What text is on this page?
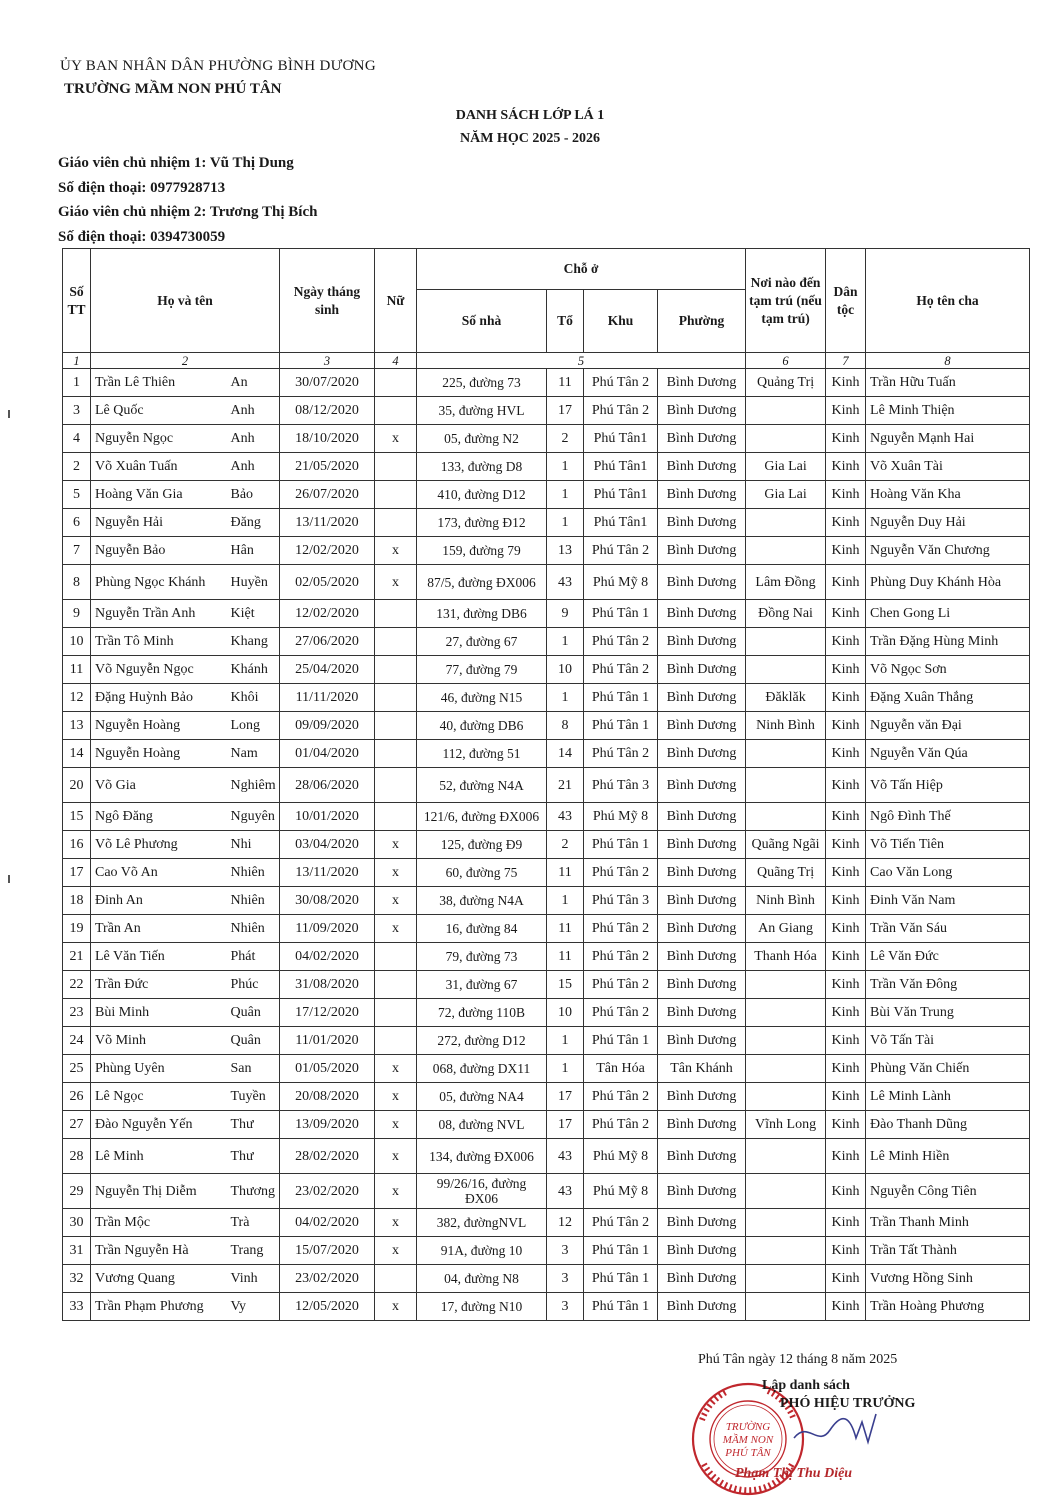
ỦY BAN NHÂN DÂN PHƯỜNG BÌNH DƯƠNG
TRƯỜNG MẦM NON PHÚ TÂN
DANH SÁCH LỚP LÁ 1
NĂM HỌC 2025 - 2026
Giáo viên chủ nhiệm 1: Vũ Thị Dung
Số điện thoại: 0977928713
Giáo viên chủ nhiệm 2: Trương Thị Bích
Số điện thoại: 0394730059
Số TT	Họ và tên		Ngày tháng sinh	Nữ	Chỗ ở				Nơi nào đến tạm trú (nếu tạm trú)	Dân tộc	Họ tên cha
					Số nhà	Tổ	Khu	Phường			
1	2		3	4	5				6	7	8
1	Trần Lê Thiên	An	30/07/2020		225, đường 73	11	Phú Tân 2	Bình Dương	Quảng Trị	Kinh	Trần Hữu Tuấn
3	Lê Quốc	Anh	08/12/2020		35, đường HVL	17	Phú Tân 2	Bình Dương		Kinh	Lê Minh Thiện
4	Nguyễn Ngọc	Anh	18/10/2020	x	05, đường N2	2	Phú Tân1	Bình Dương		Kinh	Nguyễn Mạnh Hai
2	Võ Xuân Tuấn	Anh	21/05/2020		133, đường D8	1	Phú Tân1	Bình Dương	Gia Lai	Kinh	Võ Xuân Tài
5	Hoàng Văn Gia	Bảo	26/07/2020		410, đường D12	1	Phú Tân1	Bình Dương	Gia Lai	Kinh	Hoàng Văn Kha
6	Nguyễn Hải	Đăng	13/11/2020		173, đường Đ12	1	Phú Tân1	Bình Dương		Kinh	Nguyễn Duy Hải
7	Nguyễn Bảo	Hân	12/02/2020	x	159, đường 79	13	Phú Tân 2	Bình Dương		Kinh	Nguyễn Văn Chương
8	Phùng Ngọc Khánh	Huyền	02/05/2020	x	87/5, đường ĐX006	43	Phú Mỹ 8	Bình Dương	Lâm Đồng	Kinh	Phùng Duy Khánh Hòa
9	Nguyễn Trần Anh	Kiệt	12/02/2020		131, đường DB6	9	Phú Tân 1	Bình Dương	Đồng Nai	Kinh	Chen Gong Li
10	Trần Tô Minh	Khang	27/06/2020		27, đường 67	1	Phú Tân 2	Bình Dương		Kinh	Trần Đặng Hùng Minh
11	Võ Nguyễn Ngọc	Khánh	25/04/2020		77, đường 79	10	Phú Tân 2	Bình Dương		Kinh	Võ Ngọc Sơn
12	Đặng Huỳnh Bảo	Khôi	11/11/2020		46, đường N15	1	Phú Tân 1	Bình Dương	Đăklăk	Kinh	Đặng Xuân Thắng
13	Nguyễn Hoàng	Long	09/09/2020		40, đường DB6	8	Phú Tân 1	Bình Dương	Ninh Bình	Kinh	Nguyễn văn Đại
14	Nguyễn Hoàng	Nam	01/04/2020		112, đường 51	14	Phú Tân 2	Bình Dương		Kinh	Nguyễn Văn Qúa
20	Võ Gia	Nghiêm	28/06/2020		52, đường N4A	21	Phú Tân 3	Bình Dương		Kinh	Võ Tấn Hiệp
15	Ngô Đăng	Nguyên	10/01/2020		121/6, đường ĐX006	43	Phú Mỹ 8	Bình Dương		Kinh	Ngô Đình Thế
16	Võ Lê Phương	Nhi	03/04/2020	x	125, đường Đ9	2	Phú Tân 1	Bình Dương	Quãng Ngãi	Kinh	Võ Tiến Tiên
17	Cao Võ An	Nhiên	13/11/2020	x	60, đường 75	11	Phú Tân 2	Bình Dương	Quãng Trị	Kinh	Cao Văn Long
18	Đinh An	Nhiên	30/08/2020	x	38, đường N4A	1	Phú Tân 3	Bình Dương	Ninh Bình	Kinh	Đinh Văn Nam
19	Trần An	Nhiên	11/09/2020	x	16, đường 84	11	Phú Tân 2	Bình Dương	An Giang	Kinh	Trần Văn Sáu
21	Lê Văn Tiến	Phát	04/02/2020		79, đường 73	11	Phú Tân 2	Bình Dương	Thanh Hóa	Kinh	Lê Văn Đức
22	Trần Đức	Phúc	31/08/2020		31, đường 67	15	Phú Tân 2	Bình Dương		Kinh	Trần Văn Đông
23	Bùi Minh	Quân	17/12/2020		72, đường 110B	10	Phú Tân 2	Bình Dương		Kinh	Bùi Văn Trung
24	Võ Minh	Quân	11/01/2020		272, đường D12	1	Phú Tân 1	Bình Dương		Kinh	Võ Tấn Tài
25	Phùng Uyên	San	01/05/2020	x	068, đường DX11	1	Tân Hóa	Tân Khánh		Kinh	Phùng Văn Chiến
26	Lê Ngọc	Tuyền	20/08/2020	x	05, đường NA4	17	Phú Tân 2	Bình Dương		Kinh	Lê Minh Lành
27	Đào Nguyễn Yến	Thư	13/09/2020	x	08, đường NVL	17	Phú Tân 2	Bình Dương	Vĩnh Long	Kinh	Đào Thanh Dũng
28	Lê Minh	Thư	28/02/2020	x	134, đường ĐX006	43	Phú Mỹ 8	Bình Dương		Kinh	Lê Minh Hiền
29	Nguyễn Thị Diễm	Thương	23/02/2020	x	99/26/16, đường ĐX06	43	Phú Mỹ 8	Bình Dương		Kinh	Nguyễn Công Tiên
30	Trần Mộc	Trà	04/02/2020	x	382, đườngNVL	12	Phú Tân 2	Bình Dương		Kinh	Trần Thanh Minh
31	Trần Nguyễn Hà	Trang	15/07/2020	x	91A, đường 10	3	Phú Tân 1	Bình Dương		Kinh	Trần Tất Thành
32	Vương Quang	Vinh	23/02/2020		04, đường N8	3	Phú Tân 1	Bình Dương		Kinh	Vương Hồng Sinh
33	Trần Phạm Phương	Vy	12/05/2020	x	17, đường N10	3	Phú Tân 1	Bình Dương		Kinh	Trần Hoàng Phương
Phú Tân ngày 12 tháng 8 năm 2025
TRƯỜNG
MẦM NON
PHÚ TÂN
Lập danh sách
PHÓ HIỆU TRƯỞNG
Phạm Thị Thu Diệu
